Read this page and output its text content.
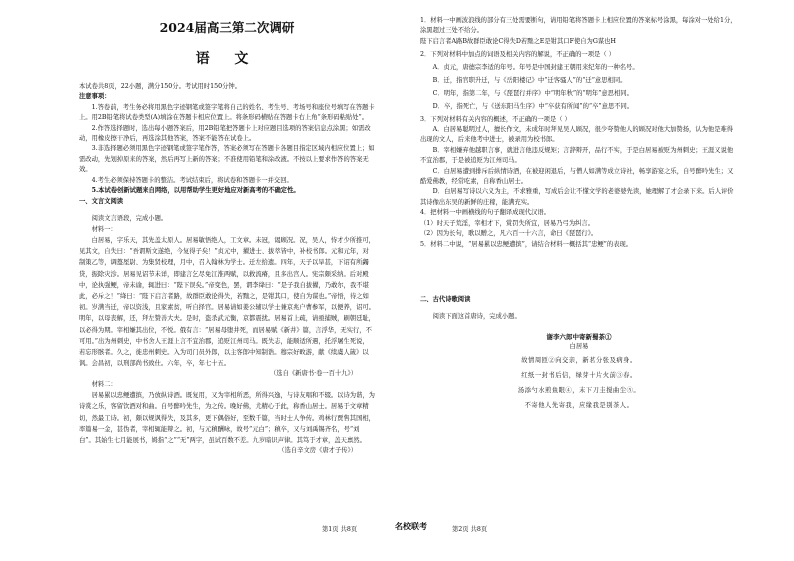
2024届高三第二次调研

语 文

本试卷共8页，22小题，满分150分。考试用时150分钟。

注意事项：

1.答卷前，考生务必将用黑色字迹钢笔或签字笔将自己的姓名、考生号、考场号和座位号填写在答题卡上。用2B铅笔将试卷类型(A)填涂在答题卡相应位置上。将条形码横贴在答题卡右上角“条形码粘贴处”。

2.作答选择题时，选出每小题答案后，用2B铅笔把答题卡上对应题目选项的答案信息点涂黑；如需改动，用橡皮擦干净后，再选涂其他答案，答案不能答在试卷上。

3.非选择题必须用黑色字迹钢笔或签字笔作答，答案必须写在答题卡各题目指定区域内相应位置上；如需改动，先划掉原来的答案，然后再写上新的答案；不准使用铅笔和涂改液。不按以上要求作答的答案无效。

4.考生必须保持答题卡的整洁。考试结束后，将试卷和答题卡一并交回。

5.本试卷创新试题来自网络，以用帮助学生更好地应对新高考的不确定性。

一、文言文阅读

阅读文言语段，完成小题。

材料一：

白居易，字乐天，其先盖太原人。居易敏悟绝人，工文章。未冠，谒顾况。况，吴人，恃才少所推可，见其文，自失曰：“吾谓斯文遂绝，今复得子矣！”贞元中，擢进士、拔萃皆中，补校书郎。元和元年，对制策乙等，调盩厔尉、为集贤校理，月中，召入翰林为学士。迁左拾遗。四年，天子以旱甚，下诏有所蠲贷，振除灾沴。居易见诏节未详，即建言乞尽免江淮两赋，以救流瘠，且多出宫人。宪宗颇采纳。后对殿中，论执强鲠，帝未谕，辄进曰：“陛下误矣。”帝变色，罢，谓李绛曰：“是子我自拔擢，乃敢尔，我不堪此，必斥之！”绛曰：“陛下启言者路，故群臣敢论得失，若黜之，是钳其口，使自为谋也。”帝悟，待之如初。岁满当迁，帝以资浅，且家素贫，听自择官。居易请如姜公辅以学士兼京兆户曹参军，以便养，诏可。明年，以母丧解，还，拜左赞善大夫。是时，盗杀武元衡，京都震扰。居易首上疏，请亟捕贼，刷朝廷耻，以必得为期。宰相嫌其出位，不悦。俄有言：“居易母堕井死，而居易赋《新井》篇，言浮华，无实行，不可用。”出为州刺史，中书舍人王涯上言不宜治郡，追贬江州司马。既失志，能顺适所遇，托浮屠生死说，若忘形骸者。久之，徙忠州刺史。入为司门员外郎，以主客郎中知制诰。穆宗好畋游，献《续虞人箴》以讽。会昌初，以刑部尚书致仕。六年，卒，年七十五。

（选自《新唐书·卷一百十九》）

材料二：

居易累以忠鲠遭摈，乃放纵诗酒。既复用，又为宰相所恶，所得兴逸，与诗友唱和不辍。以诗为谐，为诗赏之乐，客留饮酒对和曲。自号醉吟先生，为之传。晚好佛，尤精心于此，称香山居士。居易于文章精切，然最工诗。初，颇以规讽得失，及其多，更下偶俗好，至数千篇，当时士人争传。鸡林行贾售其国相，率篇易一金，甚伪者，宰相辄能辩之。初，与元稹酬咏，故号“元白”；稹卒，又与刘禹锡齐名，号“刘白”。其始生七月能展书，姆指“之”“无”两字，虽试百数不差。九岁暗识声律。其笃于才章，盖天禀然。

（选自辛文房《唐才子传》）

1．材料一中画波浪线的部分有三处需要断句，请用铅笔将答题卡上相应位置的答案标号涂黑，每涂对一处给1分，涂黑超过三处不给分。

陛下启言者A路B故群臣敢论C得失D若黜之E是钳其口F使自为G谋也H

2．下列对材料中加点的词语及相关内容的解说，不正确的一项是（ ）

A．贞元，唐德宗李适的年号。年号是中国封建王朝用来纪年的一种名号。

B．迁，指官职升迁，与《岳阳楼记》中“迁客骚人”的“迁”意思相同。

C．明年，指第二年，与《琵琶行并序》中“明年秋”的“明年”意思相同。

D．卒，指死亡，与《送东阳马生序》中“卒获有所闻”的“卒”意思不同。

3．下列对材料有关内容的概述，不正确的一项是（ ）

A．白居易聪明过人，擅长作文，未成年时拜见吴人顾况，很少夸赞他人的顾况对他大加赞扬，认为他是难得出现的文人，后来他考中进士，被录用为校书郎。

B．宰相嫌弃他越职言事，就进言他违反规矩；言辞辩开，品行不实，于是白居易被贬为州刺史；王涯又说他不宜治郡，于是被追贬为江州司马。

C．白居易遭到排斥后纵情诗酒，在被迎闲退后，与僧人如满等成立诗社，畅享游宴之乐，自号醉吟先生；又酷爱佛教，经常吃素，自称香山居士。

D．白居易写诗以六义为主，不求雅重，写成后会让不懂文学的老婆婆先读，她理解了才会录下来。后人评价其诗像出东吴的新鲜的庄稼，能满充实。

4．把材料一中画横线的句子翻译成现代汉语。

（1）时天子荒淫，宰相才下，赏罚失所宜，居易乃弓为纠言。

（2）因为长句，歌以赠之，凡六百一十六言，命曰《琵琶行》。

5．材料二中说，“居易累以忠鲠遭摈”，请结合材料一概括其“忠鲠”的表现。

二、古代诗歌阅读

阅读下面这首唐诗，完成小题。

谢李六郎中寄新蜀茶①

白居易

故情周匝②向交亲，新茗分张及病身。

红纸一封书后信，绿芽十片火前③春。

汤添勺水煎鱼眼④，末下刀圭搅曲尘⑤。

不寄他人先寄我，应缘我是别茶人。

第1页 共8页	名校联考	第2页 共8页
